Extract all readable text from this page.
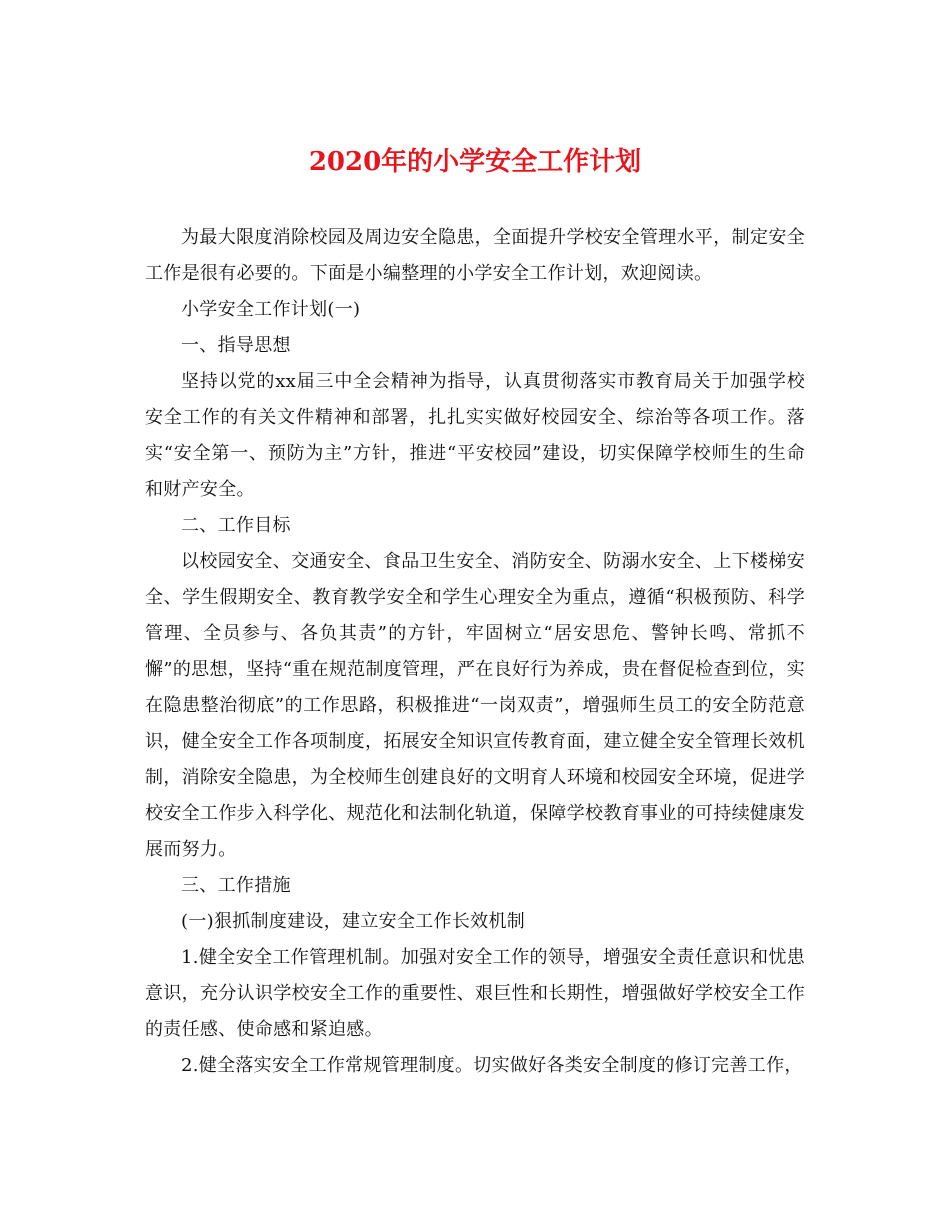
2020年的小学安全工作计划

为最大限度消除校园及周边安全隐患，全面提升学校安全管理水平，制定安全工作是很有必要的。下面是小编整理的小学安全工作计划，欢迎阅读。

小学安全工作计划(一)

一、指导思想

坚持以党的xx届三中全会精神为指导，认真贯彻落实市教育局关于加强学校安全工作的有关文件精神和部署，扎扎实实做好校园安全、综治等各项工作。落实“安全第一、预防为主”方针，推进“平安校园”建设，切实保障学校师生的生命和财产安全。

二、工作目标

以校园安全、交通安全、食品卫生安全、消防安全、防溺水安全、上下楼梯安全、学生假期安全、教育教学安全和学生心理安全为重点，遵循“积极预防、科学管理、全员参与、各负其责”的方针，牢固树立“居安思危、警钟长鸣、常抓不懈”的思想，坚持“重在规范制度管理，严在良好行为养成，贵在督促检查到位，实在隐患整治彻底”的工作思路，积极推进“一岗双责”，增强师生员工的安全防范意识，健全安全工作各项制度，拓展安全知识宣传教育面，建立健全安全管理长效机制，消除安全隐患，为全校师生创建良好的文明育人环境和校园安全环境，促进学校安全工作步入科学化、规范化和法制化轨道，保障学校教育事业的可持续健康发展而努力。

三、工作措施

(一)狠抓制度建设，建立安全工作长效机制

1.健全安全工作管理机制。加强对安全工作的领导，增强安全责任意识和忧患意识，充分认识学校安全工作的重要性、艰巨性和长期性，增强做好学校安全工作的责任感、使命感和紧迫感。

2.健全落实安全工作常规管理制度。切实做好各类安全制度的修订完善工作，
